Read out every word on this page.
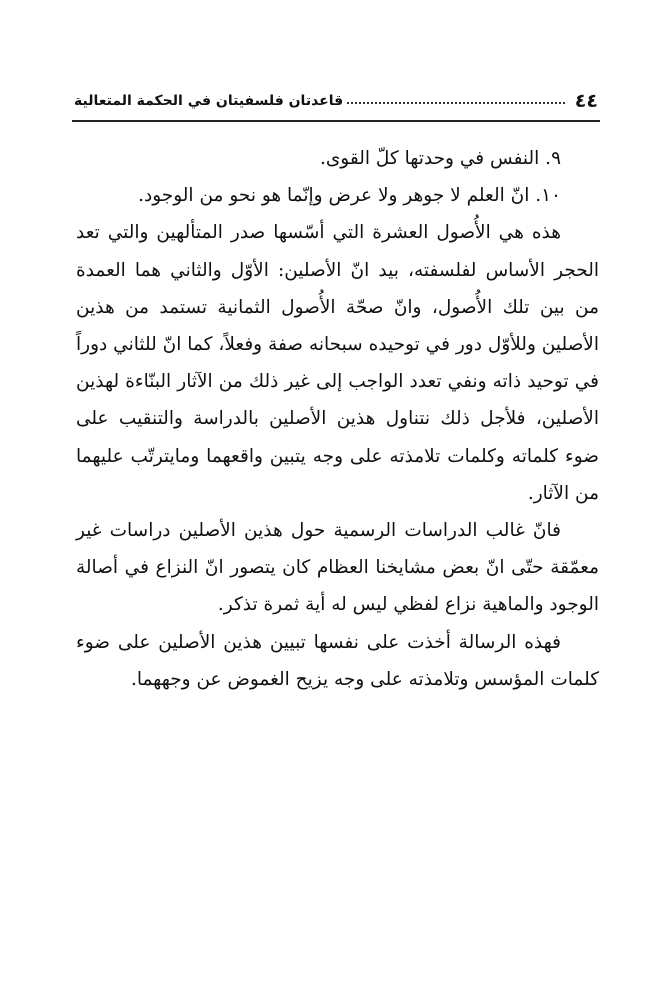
٤٤
قاعدتان فلسفيتان في الحكمة المتعالية

٩. النفس في وحدتها كلّ القوى.

١٠. انّ العلم لا جوهر ولا عرض وإنّما هو نحو من الوجود.

هذه هي الأُصول العشرة التي أسّسها صدر المتألهين والتي تعد الحجر الأساس لفلسفته، بيد انّ الأصلين: الأوّل والثاني هما العمدة من بين تلك الأُصول، وانّ صحّة الأُصول الثمانية تستمد من هذين الأصلين وللأوّل دور في توحيده سبحانه صفة وفعلاً، كما انّ للثاني دوراً في توحيد ذاته ونفي تعدد الواجب إلى غير ذلك من الآثار البنّاءة لهذين الأصلين، فلأجل ذلك نتناول هذين الأصلين بالدراسة والتنقيب على ضوء كلماته وكلمات تلامذته على وجه يتبين واقعهما ومايترتّب عليهما من الآثار.

فانّ غالب الدراسات الرسمية حول هذين الأصلين دراسات غير معمّقة حتّى انّ بعض مشايخنا العظام كان يتصور انّ النزاع في أصالة الوجود والماهية نزاع لفظي ليس له أية ثمرة تذكر.

فهذه الرسالة أخذت على نفسها تبيين هذين الأصلين على ضوء كلمات المؤسس وتلامذته على وجه يزيح الغموض عن وجههما.
